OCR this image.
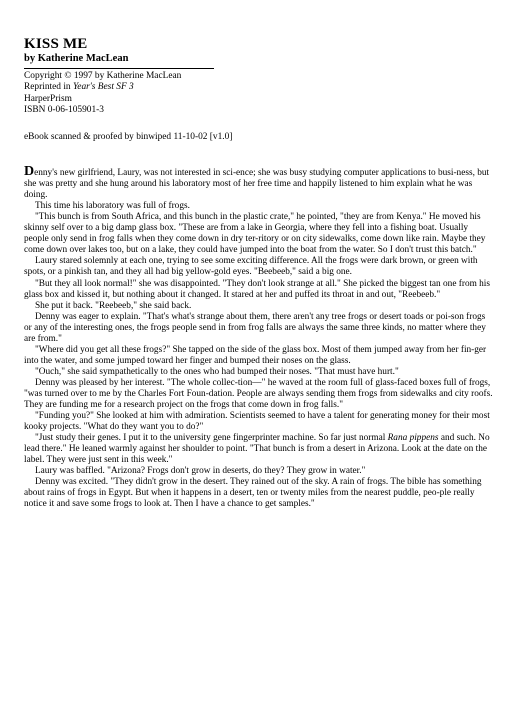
KISS ME
by Katherine MacLean
Copyright © 1997 by Katherine MacLean
Reprinted in Year's Best SF 3
HarperPrism
ISBN 0-06-105901-3
eBook scanned & proofed by binwiped 11-10-02 [v1.0]

Denny's new girlfriend, Laury, was not interested in sci-ence; she was busy studying computer applications to busi-ness, but she was pretty and she hung around his laboratory most of her free time and happily listened to him explain what he was doing.

This time his laboratory was full of frogs.

"This bunch is from South Africa, and this bunch in the plastic crate," he pointed, "they are from Kenya." He moved his skinny self over to a big damp glass box. "These are from a lake in Georgia, where they fell into a fishing boat. Usually people only send in frog falls when they come down in dry ter-ritory or on city sidewalks, come down like rain. Maybe they come down over lakes too, but on a lake, they could have jumped into the boat from the water. So I don't trust this batch."

Laury stared solemnly at each one, trying to see some exciting difference. All the frogs were dark brown, or green with spots, or a pinkish tan, and they all had big yellow-gold eyes. "Beebeeb," said a big one.

"But they all look normal!" she was disappointed. "They don't look strange at all." She picked the biggest tan one from his glass box and kissed it, but nothing about it changed. It stared at her and puffed its throat in and out, "Reebeeb."

She put it back. "Reebeeb," she said back.

Denny was eager to explain. "That's what's strange about them, there aren't any tree frogs or desert toads or poi-son frogs or any of the interesting ones, the frogs people send in from frog falls are always the same three kinds, no matter where they are from."

"Where did you get all these frogs?" She tapped on the side of the glass box. Most of them jumped away from her fin-ger into the water, and some jumped toward her finger and bumped their noses on the glass.

"Ouch," she said sympathetically to the ones who had bumped their noses. "That must have hurt."

Denny was pleased by her interest. "The whole collec-tion—" he waved at the room full of glass-faced boxes full of frogs, "was turned over to me by the Charles Fort Foun-dation. People are always sending them frogs from sidewalks and city roofs. They are funding me for a research project on the frogs that come down in frog falls."

"Funding you?" She looked at him with admiration. Scientists seemed to have a talent for generating money for their most kooky projects. "What do they want you to do?"

"Just study their genes. I put it to the university gene fingerprinter machine. So far just normal Rana pippens and such. No lead there." He leaned warmly against her shoulder to point. "That bunch is from a desert in Arizona. Look at the date on the label. They were just sent in this week."

Laury was baffled. "Arizona? Frogs don't grow in deserts, do they? They grow in water."

Denny was excited. "They didn't grow in the desert. They rained out of the sky. A rain of frogs. The bible has something about rains of frogs in Egypt. But when it happens in a desert, ten or twenty miles from the nearest puddle, peo-ple really notice it and save some frogs to look at. Then I have a chance to get samples."
